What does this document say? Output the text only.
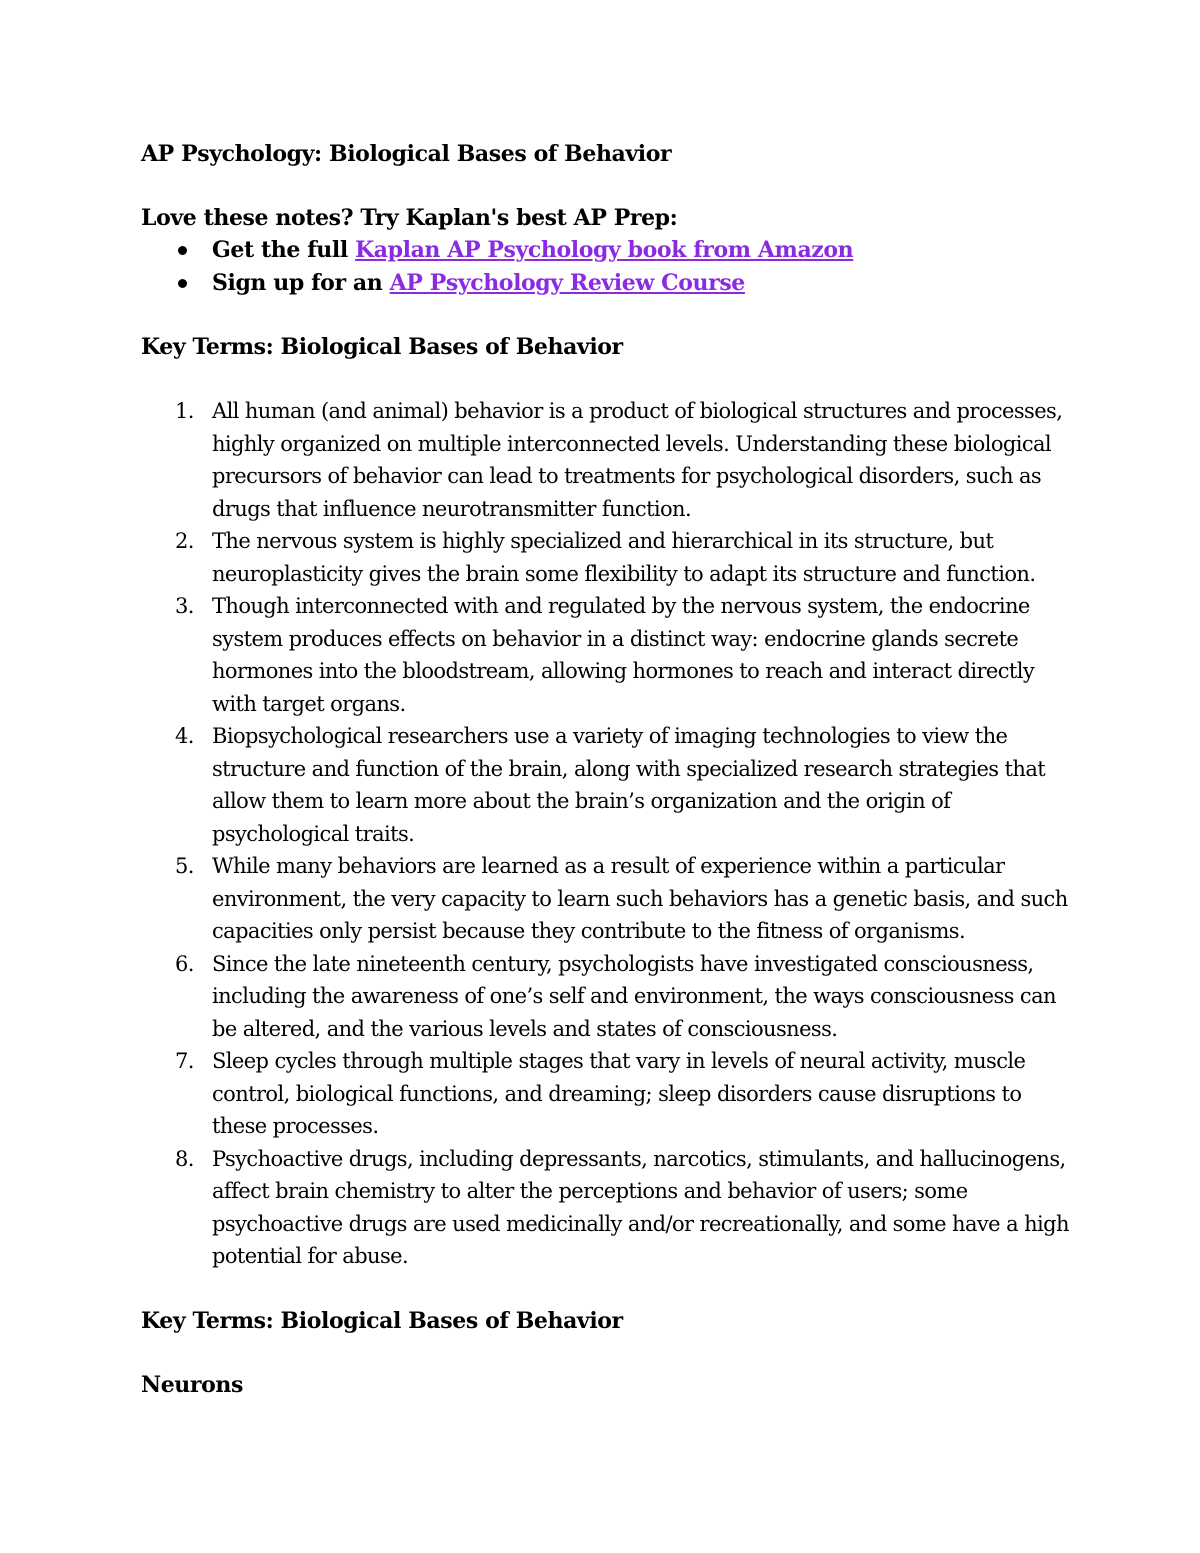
AP Psychology: Biological Bases of Behavior

Love these notes? Try Kaplan's best AP Prep:

Get the full Kaplan AP Psychology book from Amazon
Sign up for an AP Psychology Review Course
Key Terms: Biological Bases of Behavior
1. All human (and animal) behavior is a product of biological structures and processes, highly organized on multiple interconnected levels. Understanding these biological precursors of behavior can lead to treatments for psychological disorders, such as drugs that influence neurotransmitter function.
2. The nervous system is highly specialized and hierarchical in its structure, but neuroplasticity gives the brain some flexibility to adapt its structure and function.
3. Though interconnected with and regulated by the nervous system, the endocrine system produces effects on behavior in a distinct way: endocrine glands secrete hormones into the bloodstream, allowing hormones to reach and interact directly with target organs.
4. Biopsychological researchers use a variety of imaging technologies to view the structure and function of the brain, along with specialized research strategies that allow them to learn more about the brain’s organization and the origin of psychological traits.
5. While many behaviors are learned as a result of experience within a particular environment, the very capacity to learn such behaviors has a genetic basis, and such capacities only persist because they contribute to the fitness of organisms.
6. Since the late nineteenth century, psychologists have investigated consciousness, including the awareness of one’s self and environment, the ways consciousness can be altered, and the various levels and states of consciousness.
7. Sleep cycles through multiple stages that vary in levels of neural activity, muscle control, biological functions, and dreaming; sleep disorders cause disruptions to these processes.
8. Psychoactive drugs, including depressants, narcotics, stimulants, and hallucinogens, affect brain chemistry to alter the perceptions and behavior of users; some psychoactive drugs are used medicinally and/or recreationally, and some have a high potential for abuse.
Key Terms: Biological Bases of Behavior
Neurons
